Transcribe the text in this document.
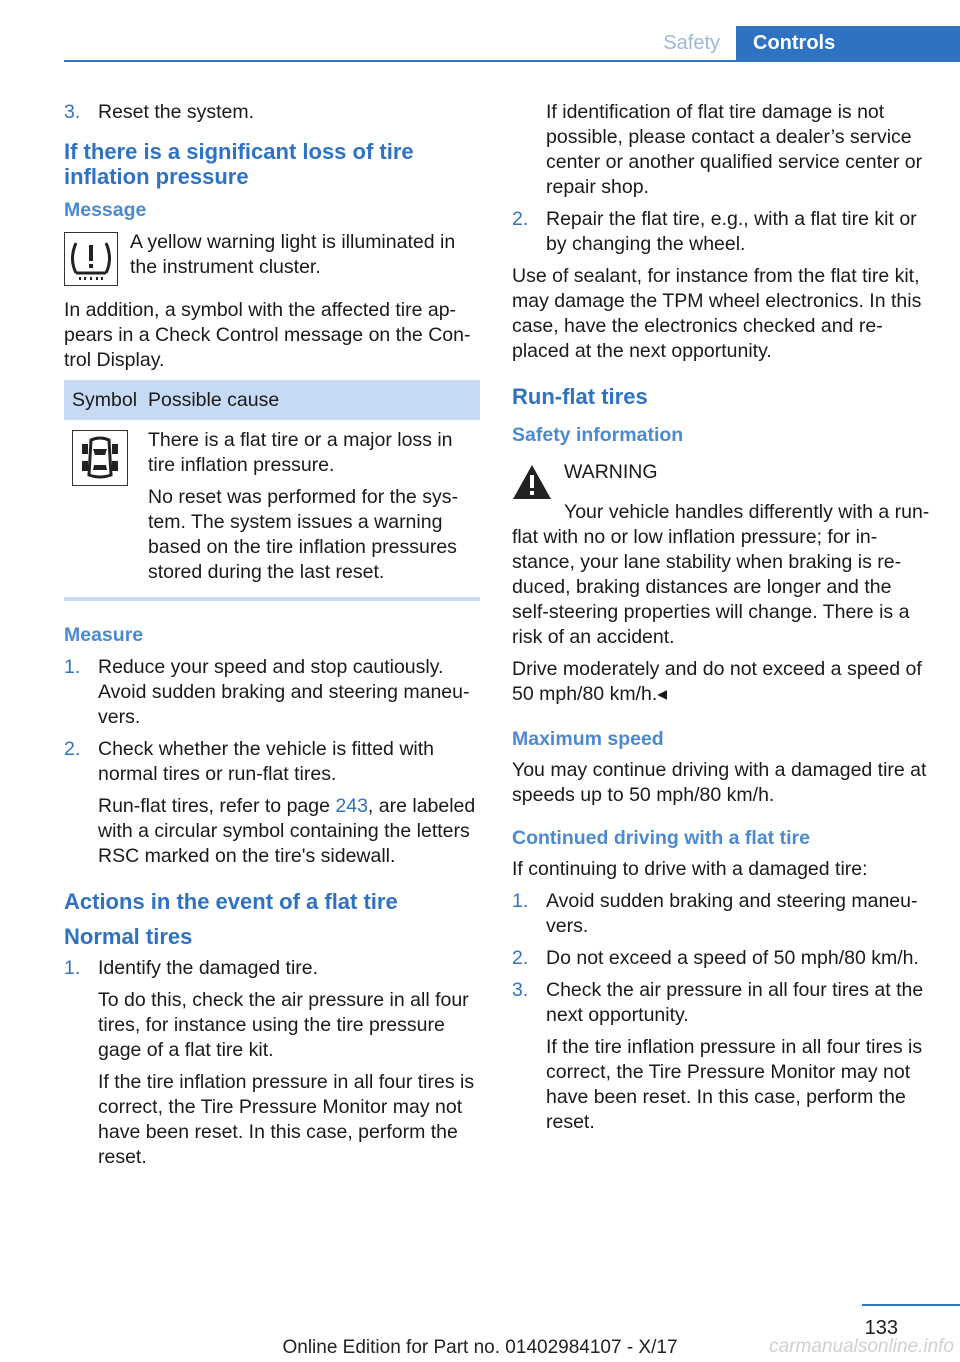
Safety	Controls
3. Reset the system.

If there is a significant loss of tire inflation pressure
Message
A yellow warning light is illuminated in the instrument cluster.

In addition, a symbol with the affected tire appears in a Check Control message on the Control Display.

Symbol	Possible cause

There is a flat tire or a major loss in tire inflation pressure.

No reset was performed for the system. The system issues a warning based on the tire inflation pressures stored during the last reset.

Measure
1. Reduce your speed and stop cautiously. Avoid sudden braking and steering maneuvers.

2. Check whether the vehicle is fitted with normal tires or run-flat tires.

Run-flat tires, refer to page 243, are labeled with a circular symbol containing the letters RSC marked on the tire's sidewall.

Actions in the event of a flat tire
Normal tires
1. Identify the damaged tire.

To do this, check the air pressure in all four tires, for instance using the tire pressure gage of a flat tire kit.

If the tire inflation pressure in all four tires is correct, the Tire Pressure Monitor may not have been reset. In this case, perform the reset.

If identification of flat tire damage is not possible, please contact a dealer’s service center or another qualified service center or repair shop.

2. Repair the flat tire, e.g., with a flat tire kit or by changing the wheel.

Use of sealant, for instance from the flat tire kit, may damage the TPM wheel electronics. In this case, have the electronics checked and replaced at the next opportunity.

Run-flat tires
Safety information
WARNING

Your vehicle handles differently with a run-flat with no or low inflation pressure; for instance, your lane stability when braking is reduced, braking distances are longer and the self-steering properties will change. There is a risk of an accident.

Drive moderately and do not exceed a speed of 50 mph/80 km/h.◂

Maximum speed

You may continue driving with a damaged tire at speeds up to 50 mph/80 km/h.

Continued driving with a flat tire

If continuing to drive with a damaged tire:

1. Avoid sudden braking and steering maneuvers.

2. Do not exceed a speed of 50 mph/80 km/h.

3. Check the air pressure in all four tires at the next opportunity.

If the tire inflation pressure in all four tires is correct, the Tire Pressure Monitor may not have been reset. In this case, perform the reset.

133
Online Edition for Part no. 01402984107 - X/17	carmanualsonline.info
